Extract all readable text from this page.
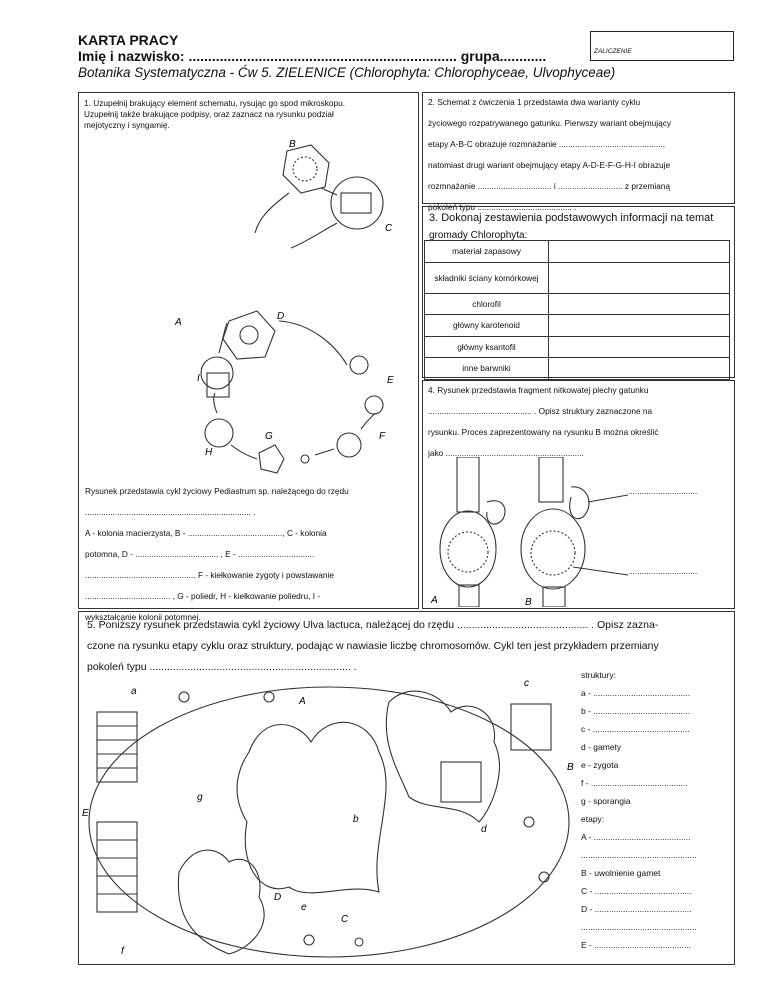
KARTA PRACY
Imię i nazwisko: ..................................................................... grupa............
Botanika Systematyczna - Ćw 5. ZIELENICE (Chlorophyta: Chlorophyceae, Ulvophyceae)
ZALICZENIE
1. Uzupełnij brakujący element schematu, rysując go spod mikroskopu.
Uzupełnij także brakujące podpisy, oraz zaznacz na rysunku podział
mejotyczny i syngamię.
B
C
A
D
E
I
F
H
G
Rysunek przedstawia cykl życiowy Pediastrum sp. należącego do rzędu
........................................................................ .
A - kolonia macierzysta, B - ........................................., C - kolonia
potomna, D - .................................... , E - .................................
................................................ F - kiełkowanie zygoty i powstawanie
..................................... , G - poliedr, H - kiełkowanie poliedru, I -
wykształcanie kolonii potomnej.
2. Schemat z ćwiczenia 1 przedstawia dwa warianty cyklu
życiowego rozpatrywanego gatunku. Pierwszy wariant obejmujący
etapy A-B-C obrazuje rozmnażanie .............................................,
natomiast drugi wariant obejmujący etapy A-D-E-F-G-H-I obrazuje
rozmnażanie ................................ i ............................ z przemianą
pokoleń typu ......................................... .
3. Dokonaj zestawienia podstawowych informacji na temat
gromady Chlorophyta:
materiał zapasowy	
składniki ściany komórkowej	
chlorofil	
główny karotenoid	
główny ksantofil	
inne barwniki	
4. Rysunek przedstawia fragment nitkowatej plechy gatunku
............................................. . Opisz struktury zaznaczone na
rysunku. Proces zaprezentowany na rysunku B można określić
jako ............................................................
A	B
..............................
..............................
5. Poniższy rysunek przedstawia cykl życiowy Ulva lactuca, należącej do rzędu ............................................. . Opisz zazna-
czone na rysunku etapy cyklu oraz struktury, podając w nawiasie liczbę chromosomów. Cykl ten jest przykładem przemiany
pokoleń typu ..................................................................... .
a
A
c
B
g
E
b
d
D
e
C
f
struktury:
a - .........................................
b - .........................................
c - .........................................
d - gamety
e - zygota
f - .........................................
g - sporangia
etapy:
A - .........................................
.................................................
B - uwolnienie gamet
C - .........................................
D - .........................................
.................................................
E - .........................................
